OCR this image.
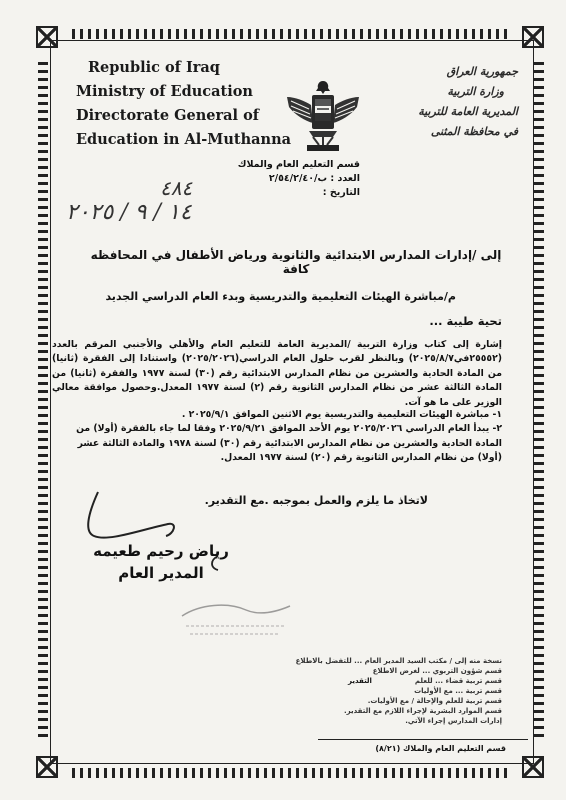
Republic of Iraq
Ministry of Education
Directorate General of
Education in Al-Muthanna
جمهورية العراق
وزارة التربية
المديرية العامة للتربية
في محافظة المثنى
قسم التعليم العام والملاك
العدد : ب/٢/٥٤/٢/٤٠
التاريخ :
٤٨٤
١٤ / ٩ / ٢٠٢٥
إلى /إدارات المدارس الابتدائية والثانوية ورياض الأطفال في المحافظه كافة
م/مباشرة الهيئات التعليمية والتدريسية وبدء العام الدراسي الجديد
تحية طيبة ...
إشارة إلى كتاب وزارة التربية /المديرية العامة للتعليم العام والأهلي والأجنبي المرقم بالعدد (٢٥٥٥٢في٢٠٢٥/٨/٧) وبالنظر لقرب حلول العام الدراسي(٢٠٢٥/٢٠٢٦) واستنادا إلى الفقرة (ثانيا) من المادة الحادية والعشرين من نظام المدارس الابتدائية رقم (٣٠) لسنة ١٩٧٧ والفقرة (ثانيا) من المادة الثالثة عشر من نظام المدارس الثانوية رقم (٢) لسنة ١٩٧٧ المعدل.وحصول موافقة معالي الوزير على ما هو آت.
١- مباشرة الهيئات التعليمية والتدريسية يوم الاثنين الموافق ٢٠٢٥/٩/١ .
٢- يبدأ العام الدراسي ٢٠٢٥/٢٠٢٦ يوم الأحد الموافق ٢٠٢٥/٩/٢١ وفقا لما جاء بالفقرة (أولا) من المادة الحادية والعشرين من نظام المدارس الابتدائية رقم (٣٠) لسنة ١٩٧٨ والمادة الثالثة عشر (أولا) من نظام المدارس الثانوية رقم (٢٠) لسنة ١٩٧٧ المعدل.
لاتخاذ ما يلزم والعمل بموجبه .مع التقدير.
رياض رحيم طعيمه
المدير العام
نسخة منه إلى / مكتب السيد المدير العام ... للتفضل بالاطلاع
قسم شؤون التربوي ... لغرض الاطلاع
قسم تربية قضاء ... للعلم
قسم تربية ... مع الأوليات
قسم تربية للعلم والإحالة / مع الأوليات.
قسم الموارد البشرية لإجراء اللازم مع التقدير.
إدارات المدارس إجراء الآتي.
التقدير
قسم التعليم العام والملاك (٨/٢١)
